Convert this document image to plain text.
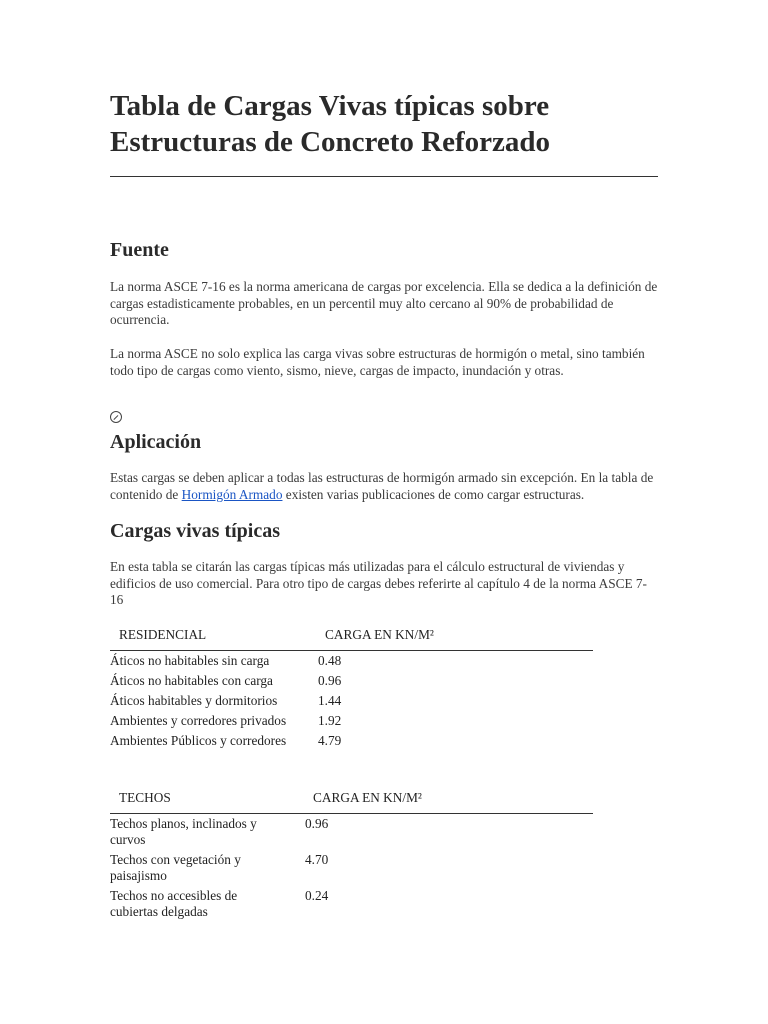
Tabla de Cargas Vivas típicas sobre Estructuras de Concreto Reforzado
Fuente

La norma ASCE 7-16 es la norma americana de cargas por excelencia. Ella se dedica a la definición de cargas estadisticamente probables, en un percentil muy alto cercano al 90% de probabilidad de ocurrencia.

La norma ASCE no solo explica las carga vivas sobre estructuras de hormigón o metal, sino también todo tipo de cargas como viento, sismo, nieve, cargas de impacto, inundación y otras.

Aplicación

Estas cargas se deben aplicar a todas las estructuras de hormigón armado sin excepción. En la tabla de contenido de Hormigón Armado existen varias publicaciones de como cargar estructuras.

Cargas vivas típicas

En esta tabla se citarán las cargas típicas más utilizadas para el cálculo estructural de viviendas y edificios de uso comercial. Para otro tipo de cargas debes referirte al capítulo 4 de la norma ASCE 7-16

RESIDENCIAL	CARGA EN KN/M²
Áticos no habitables sin carga	0.48
Áticos no habitables con carga	0.96
Áticos habitables y dormitorios	1.44
Ambientes y corredores privados	1.92
Ambientes Públicos y corredores	4.79
TECHOS	CARGA EN KN/M²
Techos planos, inclinados y curvos	0.96
Techos con vegetación y paisajismo	4.70
Techos no accesibles de cubiertas delgadas	0.24
